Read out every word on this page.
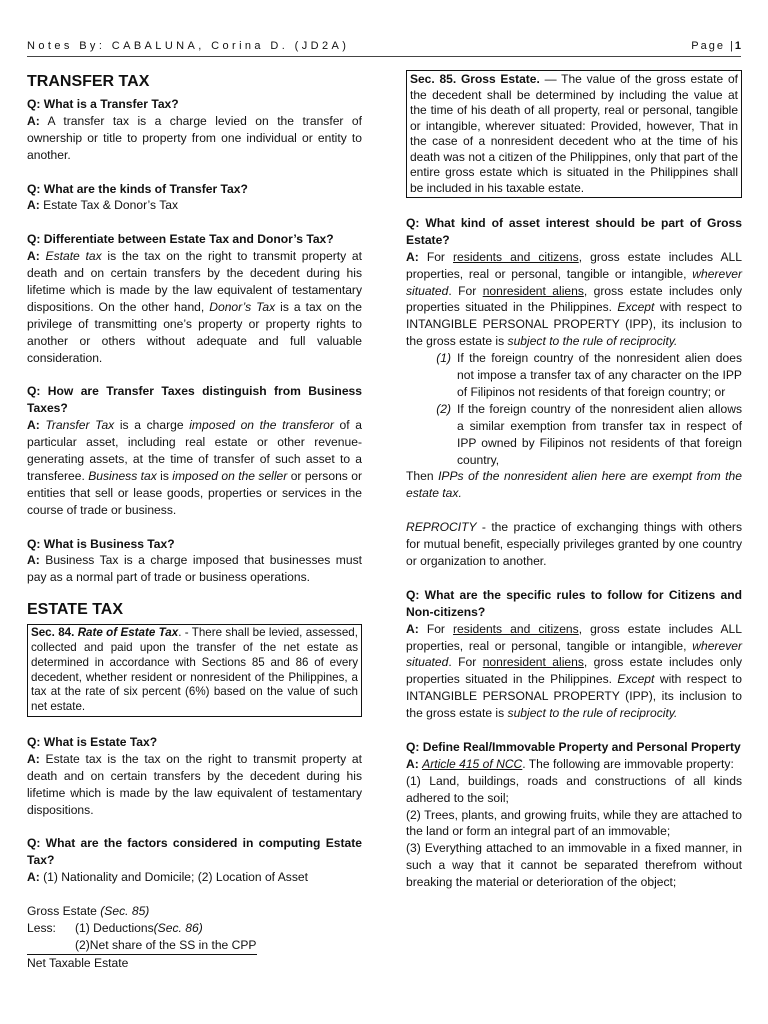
Notes By: CABALUNA, Corina D. (JD2A)	Page |1
TRANSFER TAX

Q: What is a Transfer Tax?

A: A transfer tax is a charge levied on the transfer of ownership or title to property from one individual or entity to another.

Q: What are the kinds of Transfer Tax?

A: Estate Tax & Donor’s Tax

Q: Differentiate between Estate Tax and Donor’s Tax?

A: Estate tax is the tax on the right to transmit property at death and on certain transfers by the decedent during his lifetime which is made by the law equivalent of testamentary dispositions. On the other hand, Donor’s Tax is a tax on the privilege of transmitting one’s property or property rights to another or others without adequate and full valuable consideration.

Q: How are Transfer Taxes distinguish from Business Taxes?

A: Transfer Tax is a charge imposed on the transferor of a particular asset, including real estate or other revenue-generating assets, at the time of transfer of such asset to a transferee. Business tax is imposed on the seller or persons or entities that sell or lease goods, properties or services in the course of trade or business.

Q: What is Business Tax?

A: Business Tax is a charge imposed that businesses must pay as a normal part of trade or business operations.

ESTATE TAX

Sec. 84. Rate of Estate Tax. - There shall be levied, assessed, collected and paid upon the transfer of the net estate as determined in accordance with Sections 85 and 86 of every decedent, whether resident or nonresident of the Philippines, a tax at the rate of six percent (6%) based on the value of such net estate.

Q: What is Estate Tax?

A: Estate tax is the tax on the right to transmit property at death and on certain transfers by the decedent during his lifetime which is made by the law equivalent of testamentary dispositions.

Q: What are the factors considered in computing Estate Tax?

A: (1) Nationality and Domicile; (2) Location of Asset

Gross Estate (Sec. 85)
Less:	(1) Deductions (Sec. 86)

(2)Net share of the SS in the CPP
Net Taxable Estate

Sec. 85. Gross Estate. — The value of the gross estate of the decedent shall be determined by including the value at the time of his death of all property, real or personal, tangible or intangible, wherever situated: Provided, however, That in the case of a nonresident decedent who at the time of his death was not a citizen of the Philippines, only that part of the entire gross estate which is situated in the Philippines shall be included in his taxable estate.

Q: What kind of asset interest should be part of Gross Estate?

A: For residents and citizens, gross estate includes ALL properties, real or personal, tangible or intangible, wherever situated. For nonresident aliens, gross estate includes only properties situated in the Philippines. Except with respect to INTANGIBLE PERSONAL PROPERTY (IPP), its inclusion to the gross estate is subject to the rule of reciprocity.

(1) If the foreign country of the nonresident alien does not impose a transfer tax of any character on the IPP of Filipinos not residents of that foreign country; or
(2) If the foreign country of the nonresident alien allows a similar exemption from transfer tax in respect of IPP owned by Filipinos not residents of that foreign country,

Then IPPs of the nonresident alien here are exempt from the estate tax.

REPROCITY - the practice of exchanging things with others for mutual benefit, especially privileges granted by one country or organization to another.

Q: What are the specific rules to follow for Citizens and Non-citizens?

A: For residents and citizens, gross estate includes ALL properties, real or personal, tangible or intangible, wherever situated. For nonresident aliens, gross estate includes only properties situated in the Philippines. Except with respect to INTANGIBLE PERSONAL PROPERTY (IPP), its inclusion to the gross estate is subject to the rule of reciprocity.

Q: Define Real/Immovable Property and Personal Property

A: Article 415 of NCC. The following are immovable property:

(1) Land, buildings, roads and constructions of all kinds adhered to the soil;

(2) Trees, plants, and growing fruits, while they are attached to the land or form an integral part of an immovable;

(3) Everything attached to an immovable in a fixed manner, in such a way that it cannot be separated therefrom without breaking the material or deterioration of the object;
